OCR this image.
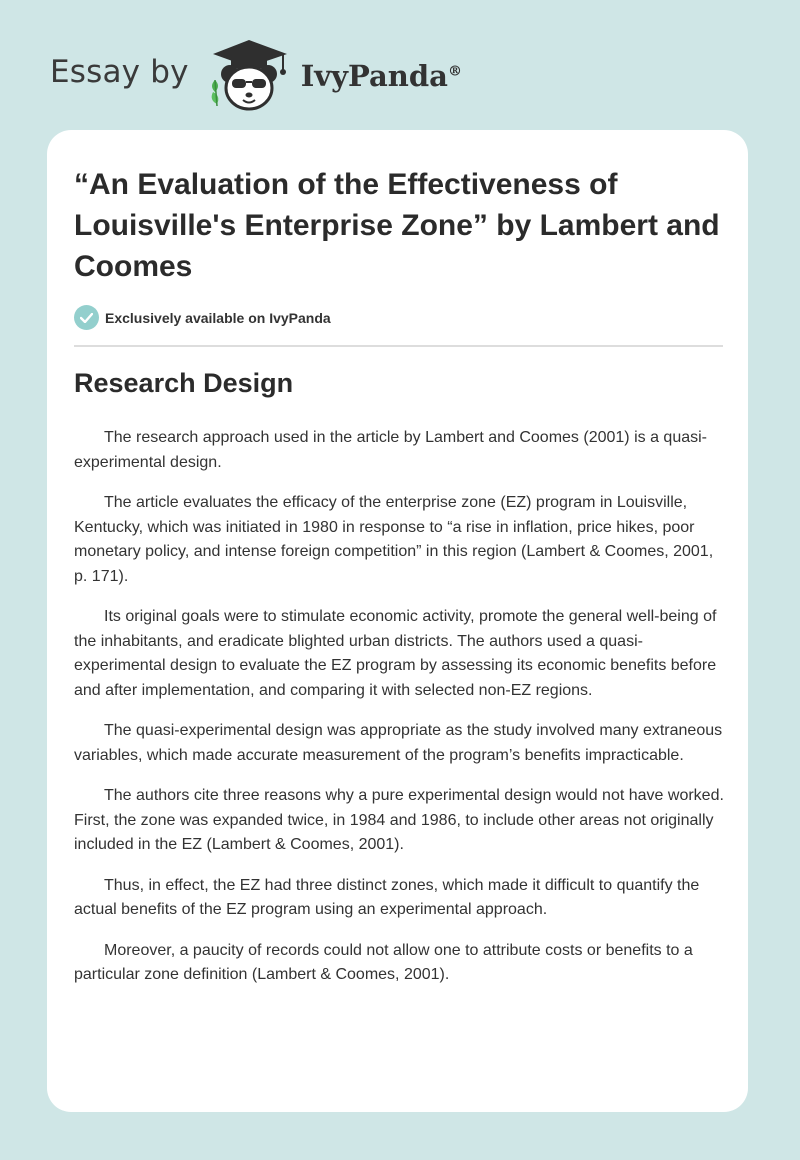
Essay by	IvyPanda®
“An Evaluation of the Effectiveness of Louisville's Enterprise Zone” by Lambert and Coomes
Exclusively available on IvyPanda
Research Design

The research approach used in the article by Lambert and Coomes (2001) is a quasi-experimental design.

The article evaluates the efficacy of the enterprise zone (EZ) program in Louisville, Kentucky, which was initiated in 1980 in response to “a rise in inflation, price hikes, poor monetary policy, and intense foreign competition” in this region (Lambert & Coomes, 2001, p. 171).

Its original goals were to stimulate economic activity, promote the general well-being of the inhabitants, and eradicate blighted urban districts. The authors used a quasi-experimental design to evaluate the EZ program by assessing its economic benefits before and after implementation, and comparing it with selected non-EZ regions.

The quasi-experimental design was appropriate as the study involved many extraneous variables, which made accurate measurement of the program’s benefits impracticable.

The authors cite three reasons why a pure experimental design would not have worked. First, the zone was expanded twice, in 1984 and 1986, to include other areas not originally included in the EZ (Lambert & Coomes, 2001).

Thus, in effect, the EZ had three distinct zones, which made it difficult to quantify the actual benefits of the EZ program using an experimental approach.

Moreover, a paucity of records could not allow one to attribute costs or benefits to a particular zone definition (Lambert & Coomes, 2001).
